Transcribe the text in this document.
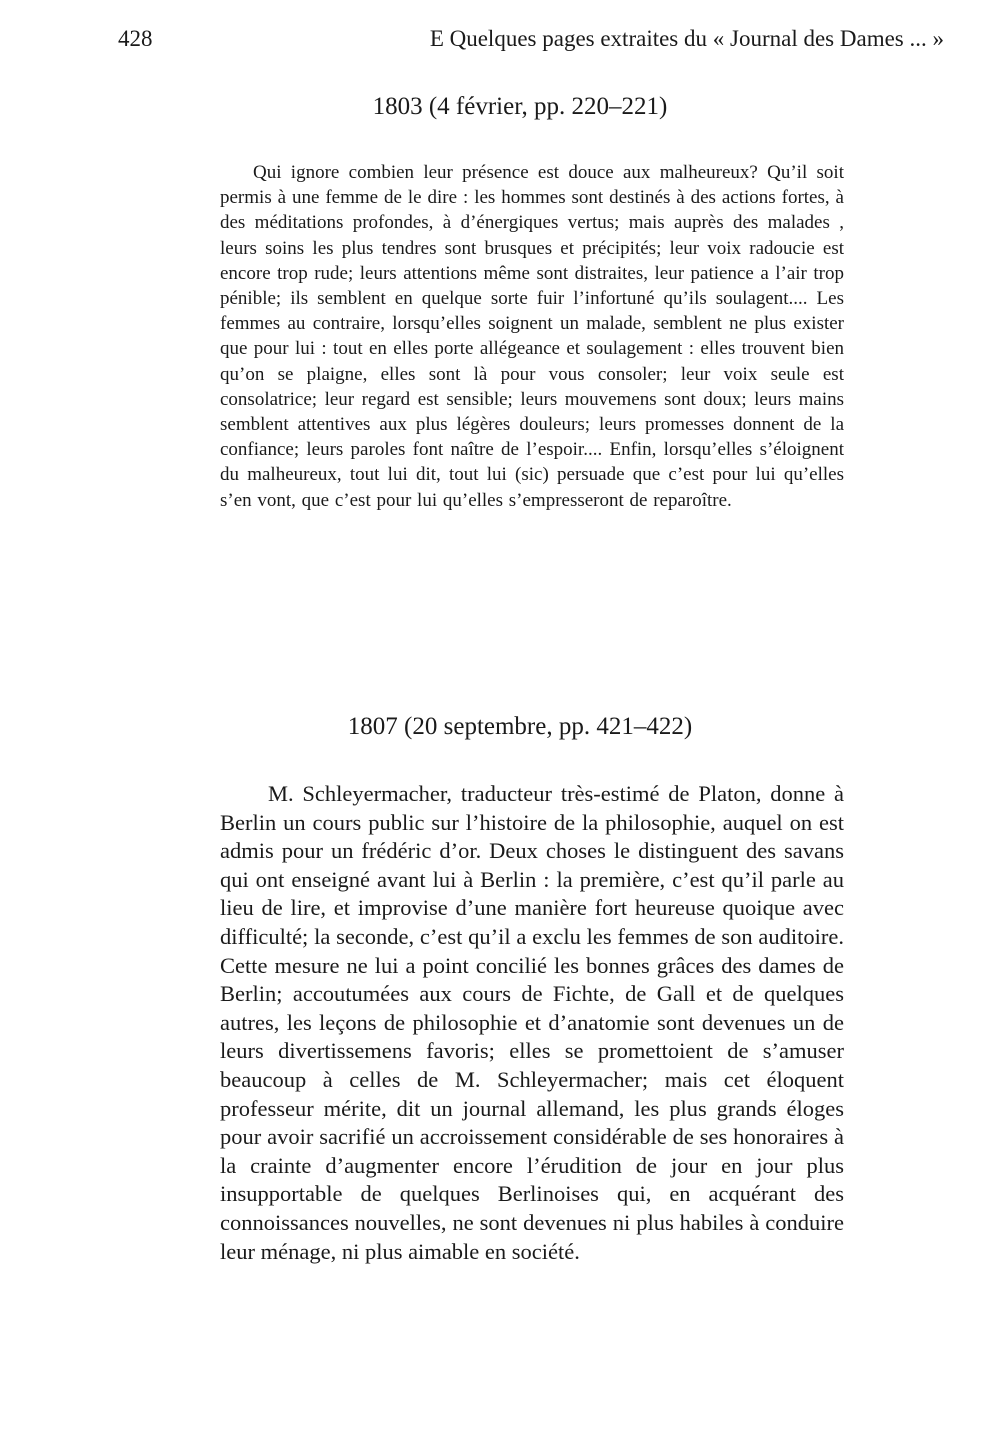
428	E Quelques pages extraites du « Journal des Dames ... »
1803 (4 février, pp. 220–221)

Qui ignore combien leur présence est douce aux malheureux? Qu’il soit permis à une femme de le dire : les hommes sont destinés à des actions fortes, à des méditations profondes, à d’énergiques vertus; mais auprès des malades , leurs soins les plus tendres sont brusques et précipités; leur voix radoucie est encore trop rude; leurs attentions même sont distraites, leur patience a l’air trop pénible; ils semblent en quelque sorte fuir l’infortuné qu’ils soulagent.... Les femmes au contraire, lorsqu’elles soignent un malade, semblent ne plus exister que pour lui : tout en elles porte allégeance et soulagement : elles trouvent bien qu’on se plaigne, elles sont là pour vous consoler; leur voix seule est consolatrice; leur regard est sensible; leurs mouvemens sont doux; leurs mains semblent attentives aux plus légères douleurs; leurs promesses donnent de la confiance; leurs paroles font naître de l’espoir.... Enfin, lorsqu’elles s’éloignent du malheureux, tout lui dit, tout lui (sic) persuade que c’est pour lui qu’elles s’en vont, que c’est pour lui qu’elles s’empresseront de reparoître.

1807 (20 septembre, pp. 421–422)

M. Schleyermacher, traducteur très-estimé de Platon, donne à Berlin un cours public sur l’histoire de la philosophie, auquel on est admis pour un frédéric d’or. Deux choses le distinguent des savans qui ont enseigné avant lui à Berlin : la première, c’est qu’il parle au lieu de lire, et improvise d’une manière fort heureuse quoique avec difficulté; la seconde, c’est qu’il a exclu les femmes de son auditoire. Cette mesure ne lui a point concilié les bonnes grâces des dames de Berlin; accoutumées aux cours de Fichte, de Gall et de quelques autres, les leçons de philosophie et d’anatomie sont devenues un de leurs divertissemens favoris; elles se promettoient de s’amuser beaucoup à celles de M. Schleyermacher; mais cet éloquent professeur mérite, dit un journal allemand, les plus grands éloges pour avoir sacrifié un accroissement considérable de ses honoraires à la crainte d’augmenter encore l’érudition de jour en jour plus insupportable de quelques Berlinoises qui, en acquérant des connoissances nouvelles, ne sont devenues ni plus habiles à conduire leur ménage, ni plus aimable en société.
